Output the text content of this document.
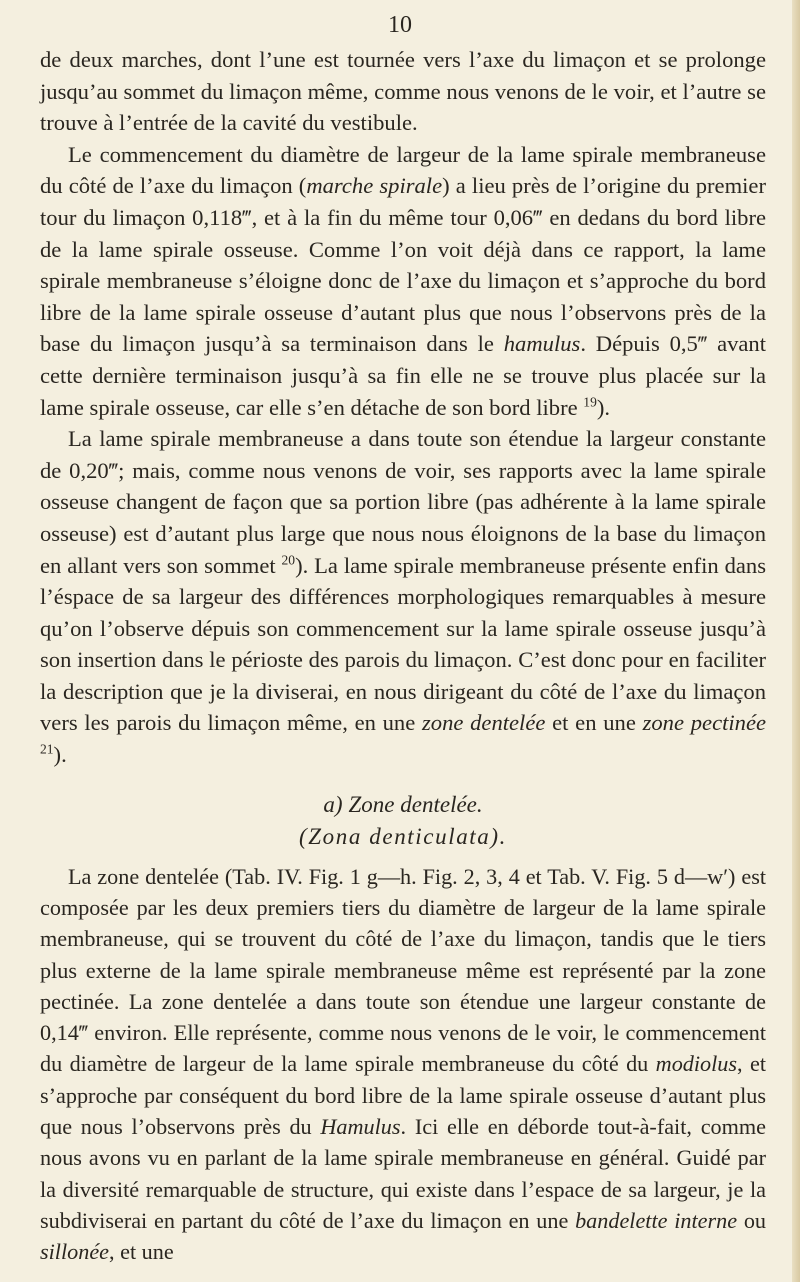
10

de deux marches, dont l’une est tournée vers l’axe du limaçon et se prolonge jusqu’au sommet du limaçon même, comme nous venons de le voir, et l’autre se trouve à l’entrée de la cavité du vestibule.

Le commencement du diamètre de largeur de la lame spirale membraneuse du côté de l’axe du limaçon (marche spirale) a lieu près de l’origine du premier tour du limaçon 0,118‴, et à la fin du même tour 0,06‴ en dedans du bord libre de la lame spirale osseuse. Comme l’on voit déjà dans ce rapport, la lame spirale membraneuse s’éloigne donc de l’axe du limaçon et s’approche du bord libre de la lame spirale osseuse d’autant plus que nous l’observons près de la base du limaçon jusqu’à sa terminaison dans le hamulus. Dépuis 0,5‴ avant cette dernière terminaison jusqu’à sa fin elle ne se trouve plus placée sur la lame spirale osseuse, car elle s’en détache de son bord libre $^{19}$).

La lame spirale membraneuse a dans toute son étendue la largeur constante de 0,20‴; mais, comme nous venons de voir, ses rapports avec la lame spirale osseuse changent de façon que sa portion libre (pas adhérente à la lame spirale osseuse) est d’autant plus large que nous nous éloignons de la base du limaçon en allant vers son sommet $^{20}$). La lame spirale membraneuse présente enfin dans l’éspace de sa largeur des différences morphologiques remarquables à mesure qu’on l’observe dépuis son commencement sur la lame spirale osseuse jusqu’à son insertion dans le périoste des parois du limaçon. C’est donc pour en faciliter la description que je la diviserai, en nous dirigeant du côté de l’axe du limaçon vers les parois du limaçon même, en une zone dentelée et en une zone pectinée $^{21}$).

a) Zone dentelée.

(Zona denticulata).

La zone dentelée (Tab. IV. Fig. 1 g—h. Fig. 2, 3, 4 et Tab. V. Fig. 5 d—w′) est composée par les deux premiers tiers du diamètre de largeur de la lame spirale membraneuse, qui se trouvent du côté de l’axe du limaçon, tandis que le tiers plus externe de la lame spirale membraneuse même est représenté par la zone pectinée. La zone dentelée a dans toute son étendue une largeur constante de 0,14‴ environ. Elle représente, comme nous venons de le voir, le commencement du diamètre de largeur de la lame spirale membraneuse du côté du modiolus, et s’approche par conséquent du bord libre de la lame spirale osseuse d’autant plus que nous l’observons près du Hamulus. Ici elle en déborde tout-à-fait, comme nous avons vu en parlant de la lame spirale membraneuse en général. Guidé par la diversité remarquable de structure, qui existe dans l’espace de sa largeur, je la subdiviserai en partant du côté de l’axe du limaçon en une bandelette interne ou sillonée, et une
